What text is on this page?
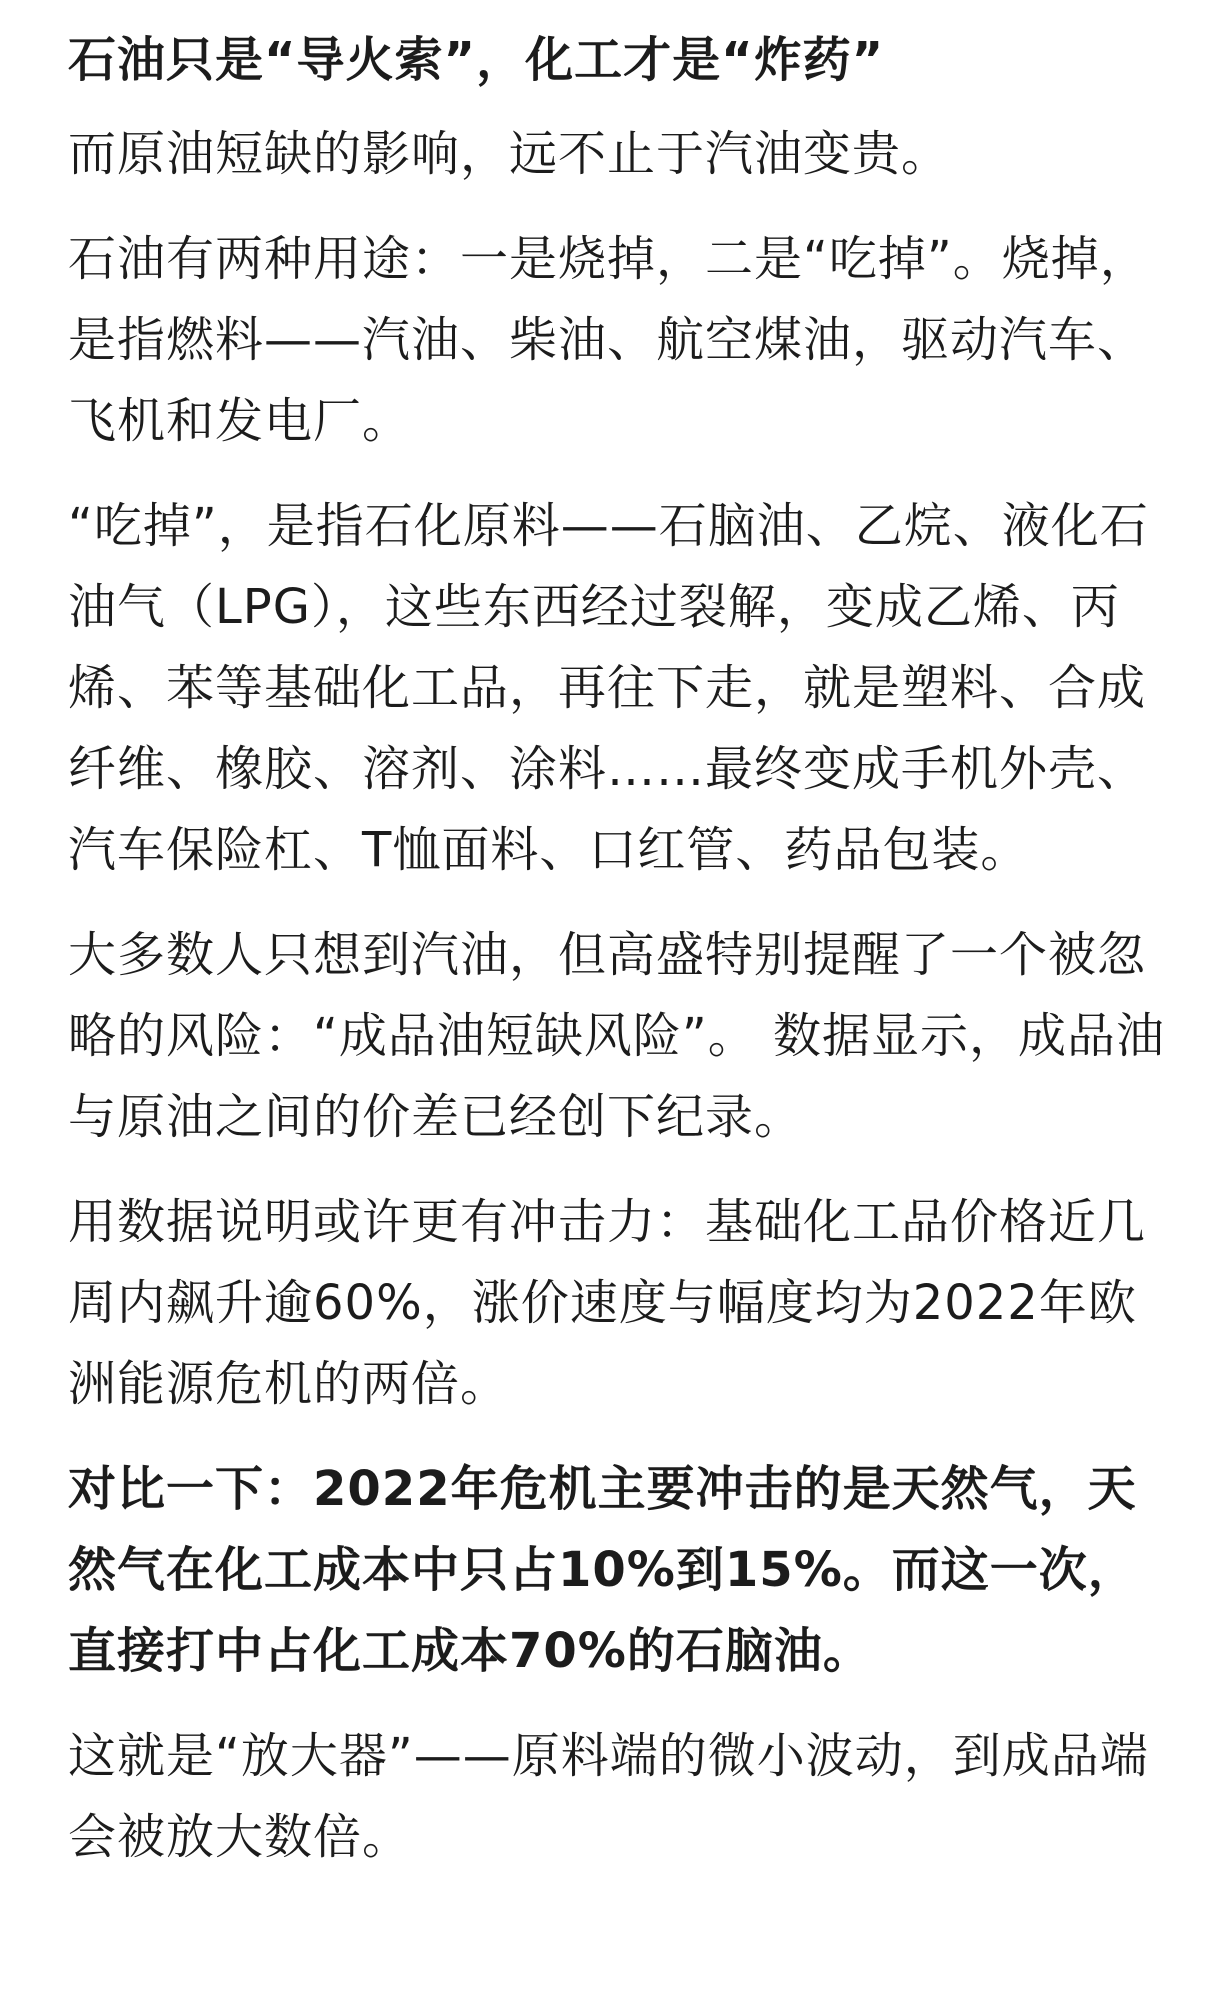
石油只是“导火索”，化工才是“炸药”

而原油短缺的影响，远不止于汽油变贵。

石油有两种用途：一是烧掉，二是“吃掉”。烧掉，是指燃料——汽油、柴油、航空煤油，驱动汽车、飞机和发电厂。

“吃掉”，是指石化原料——石脑油、乙烷、液化石油气（LPG），这些东西经过裂解，变成乙烯、丙烯、苯等基础化工品，再往下走，就是塑料、合成纤维、橡胶、溶剂、涂料……最终变成手机外壳、汽车保险杠、T恤面料、口红管、药品包装。

大多数人只想到汽油，但高盛特别提醒了一个被忽略的风险：“成品油短缺风险”。 数据显示，成品油与原油之间的价差已经创下纪录。

用数据说明或许更有冲击力：基础化工品价格近几周内飙升逾60%，涨价速度与幅度均为2022年欧洲能源危机的两倍。

对比一下：2022年危机主要冲击的是天然气，天然气在化工成本中只占10%到15%。而这一次，直接打中占化工成本70%的石脑油。

这就是“放大器”——原料端的微小波动，到成品端会被放大数倍。
